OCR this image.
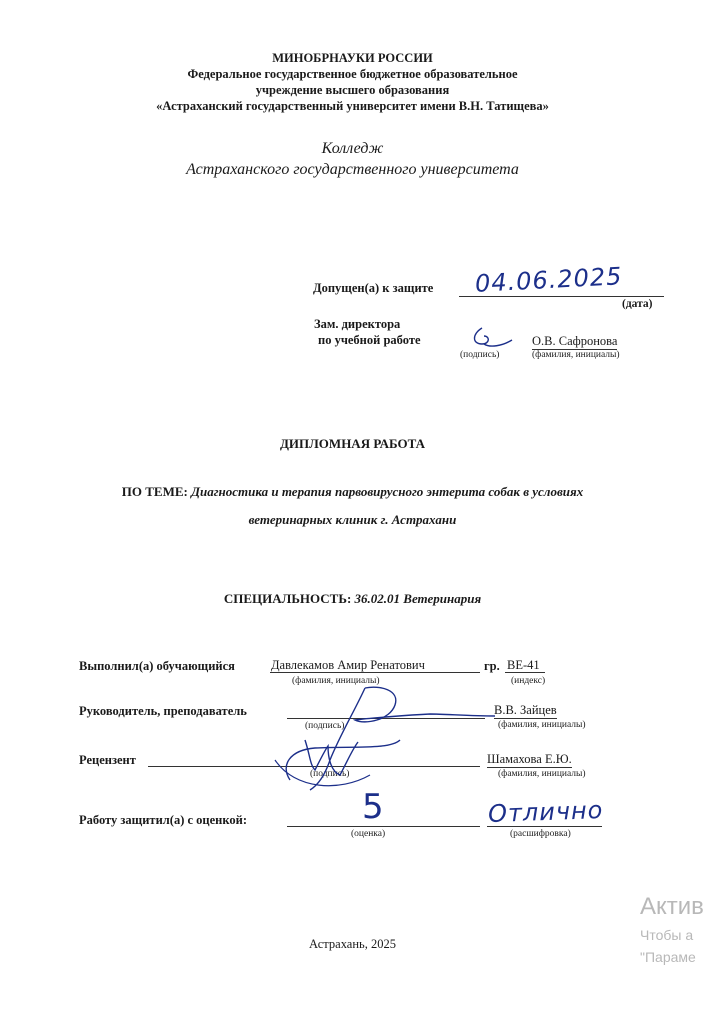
МИНОБРНАУКИ РОССИИ
Федеральное государственное бюджетное образовательное
учреждение высшего образования
«Астраханский государственный университет имени В.Н. Татищева»
Колледж
Астраханского государственного университета
Допущен(а) к защите 04.06.2025
(дата)
Зам. директора
по учебной работе
(подпись)
О.В. Сафронова
(фамилия, инициалы)
ДИПЛОМНАЯ РАБОТА
ПО ТЕМЕ: Диагностика и терапия парвовирусного энтерита собак в условиях
ветеринарных клиник г. Астрахани
СПЕЦИАЛЬНОСТЬ: 36.02.01 Ветеринария
Выполнил(а) обучающийся	Давлекамов Амир Ренатович
(фамилия, инициалы)
гр. ВЕ-41
(индекс)
Руководитель, преподаватель
(подпись)
В.В. Зайцев
(фамилия, инициалы)
Рецензент
(подпись)
Шамахова Е.Ю.
(фамилия, инициалы)
Работу защитил(а) с оценкой:	5
(оценка)
Отлично
(расшифровка)
Астрахань, 2025
Актив
Чтобы а
"Параме
